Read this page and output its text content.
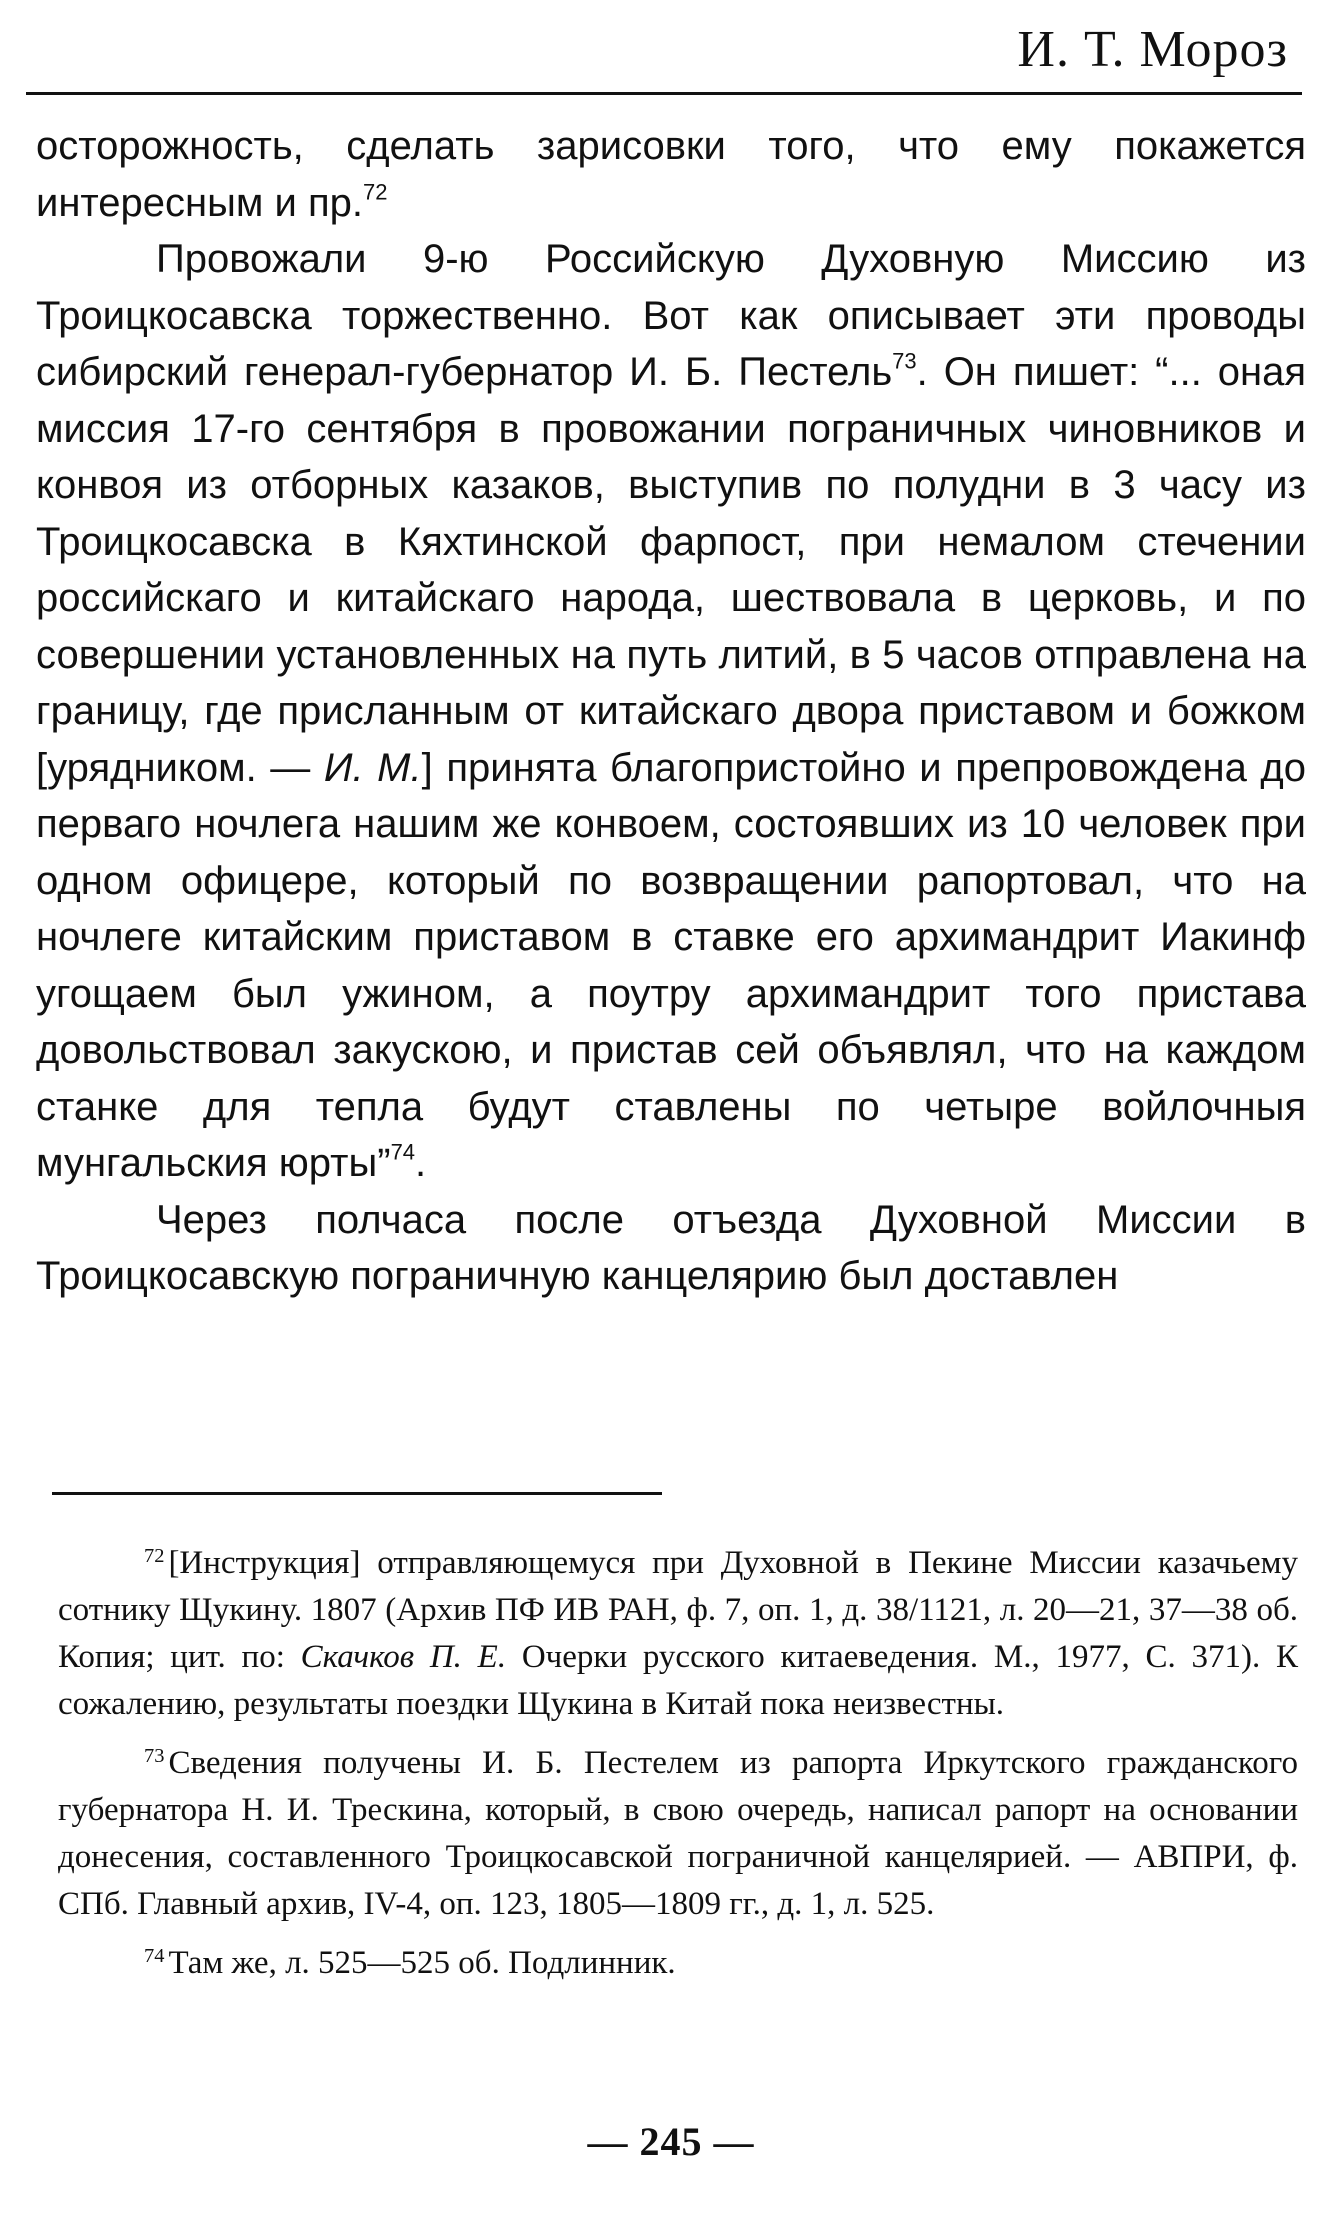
И. Т. Мороз

осторожность, сделать зарисовки того, что ему покажется интересным и пр.$^{72}$

Провожали 9-ю Российскую Духовную Миссию из Троицкосавска торжественно. Вот как описывает эти проводы сибирский генерал-губернатор И. Б. Пестель$^{73}$. Он пишет: “... оная миссия 17-го сентября в провожании пограничных чиновников и конвоя из отборных казаков, выступив по полудни в 3 часу из Троицкосавска в Кяхтинской фарпост, при немалом стечении российскаго и китайскаго народа, шествовала в церковь, и по совершении установленных на путь литий, в 5 часов отправлена на границу, где присланным от китайскаго двора приставом и божком [урядником. — И. М.] принята благопристойно и препровождена до перваго ночлега нашим же конвоем, состоявших из 10 человек при одном офицере, который по возвращении рапортовал, что на ночлеге китайским приставом в ставке его архимандрит Иакинф угощаем был ужином, а поутру архимандрит того пристава довольствовал закускою, и пристав сей объявлял, что на каждом станке для тепла будут ставлены по четыре войлочныя мунгальския юрты”$^{74}$.

Через полчаса после отъезда Духовной Миссии в Троицкосавскую пограничную канцелярию был доставлен

$^{72}$ [Инструкция] отправляющемуся при Духовной в Пекине Миссии казачьему сотнику Щукину. 1807 (Архив ПФ ИВ РАН, ф. 7, оп. 1, д. 38/1121, л. 20—21, 37—38 об. Копия; цит. по: Скачков П. Е. Очерки русского китаеведения. М., 1977, С. 371). К сожалению, результаты поездки Щукина в Китай пока неизвестны.

$^{73}$ Сведения получены И. Б. Пестелем из рапорта Иркутского гражданского губернатора Н. И. Трескина, который, в свою очередь, написал рапорт на основании донесения, составленного Троицкосавской пограничной канцелярией. — АВПРИ, ф. СПб. Главный архив, IV-4, оп. 123, 1805—1809 гг., д. 1, л. 525.

$^{74}$ Там же, л. 525—525 об. Подлинник.

— 245 —
